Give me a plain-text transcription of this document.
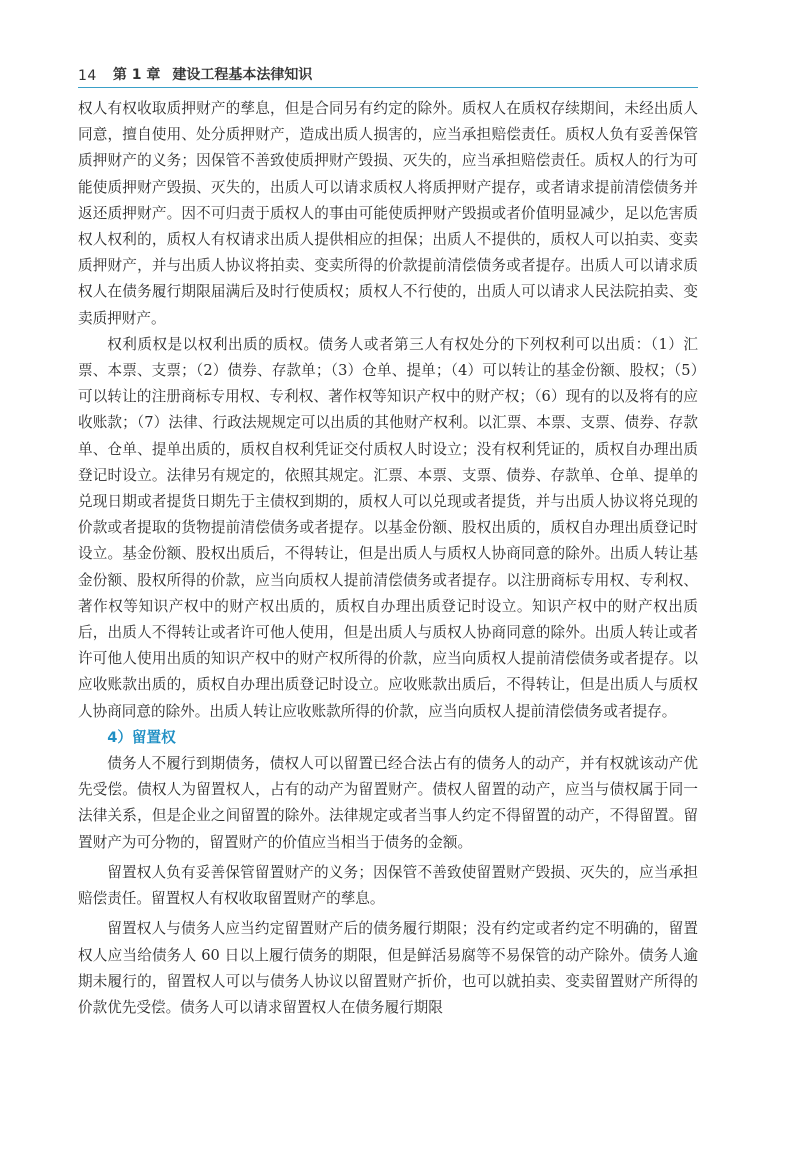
14 第 1 章 建设工程基本法律知识

权人有权收取质押财产的孳息，但是合同另有约定的除外。质权人在质权存续期间，未经出质人同意，擅自使用、处分质押财产，造成出质人损害的，应当承担赔偿责任。质权人负有妥善保管质押财产的义务；因保管不善致使质押财产毁损、灭失的，应当承担赔偿责任。质权人的行为可能使质押财产毁损、灭失的，出质人可以请求质权人将质押财产提存，或者请求提前清偿债务并返还质押财产。因不可归责于质权人的事由可能使质押财产毁损或者价值明显减少，足以危害质权人权利的，质权人有权请求出质人提供相应的担保；出质人不提供的，质权人可以拍卖、变卖质押财产，并与出质人协议将拍卖、变卖所得的价款提前清偿债务或者提存。出质人可以请求质权人在债务履行期限届满后及时行使质权；质权人不行使的，出质人可以请求人民法院拍卖、变卖质押财产。

权利质权是以权利出质的质权。债务人或者第三人有权处分的下列权利可以出质：（1）汇票、本票、支票；（2）债券、存款单；（3）仓单、提单；（4）可以转让的基金份额、股权；（5）可以转让的注册商标专用权、专利权、著作权等知识产权中的财产权；（6）现有的以及将有的应收账款；（7）法律、行政法规规定可以出质的其他财产权利。以汇票、本票、支票、债券、存款单、仓单、提单出质的，质权自权利凭证交付质权人时设立；没有权利凭证的，质权自办理出质登记时设立。法律另有规定的，依照其规定。汇票、本票、支票、债券、存款单、仓单、提单的兑现日期或者提货日期先于主债权到期的，质权人可以兑现或者提货，并与出质人协议将兑现的价款或者提取的货物提前清偿债务或者提存。以基金份额、股权出质的，质权自办理出质登记时设立。基金份额、股权出质后，不得转让，但是出质人与质权人协商同意的除外。出质人转让基金份额、股权所得的价款，应当向质权人提前清偿债务或者提存。以注册商标专用权、专利权、著作权等知识产权中的财产权出质的，质权自办理出质登记时设立。知识产权中的财产权出质后，出质人不得转让或者许可他人使用，但是出质人与质权人协商同意的除外。出质人转让或者许可他人使用出质的知识产权中的财产权所得的价款，应当向质权人提前清偿债务或者提存。以应收账款出质的，质权自办理出质登记时设立。应收账款出质后，不得转让，但是出质人与质权人协商同意的除外。出质人转让应收账款所得的价款，应当向质权人提前清偿债务或者提存。

4）留置权

债务人不履行到期债务，债权人可以留置已经合法占有的债务人的动产，并有权就该动产优先受偿。债权人为留置权人，占有的动产为留置财产。债权人留置的动产，应当与债权属于同一法律关系，但是企业之间留置的除外。法律规定或者当事人约定不得留置的动产，不得留置。留置财产为可分物的，留置财产的价值应当相当于债务的金额。

留置权人负有妥善保管留置财产的义务；因保管不善致使留置财产毁损、灭失的，应当承担赔偿责任。留置权人有权收取留置财产的孳息。

留置权人与债务人应当约定留置财产后的债务履行期限；没有约定或者约定不明确的，留置权人应当给债务人 60 日以上履行债务的期限，但是鲜活易腐等不易保管的动产除外。债务人逾期未履行的，留置权人可以与债务人协议以留置财产折价，也可以就拍卖、变卖留置财产所得的价款优先受偿。债务人可以请求留置权人在债务履行期限
